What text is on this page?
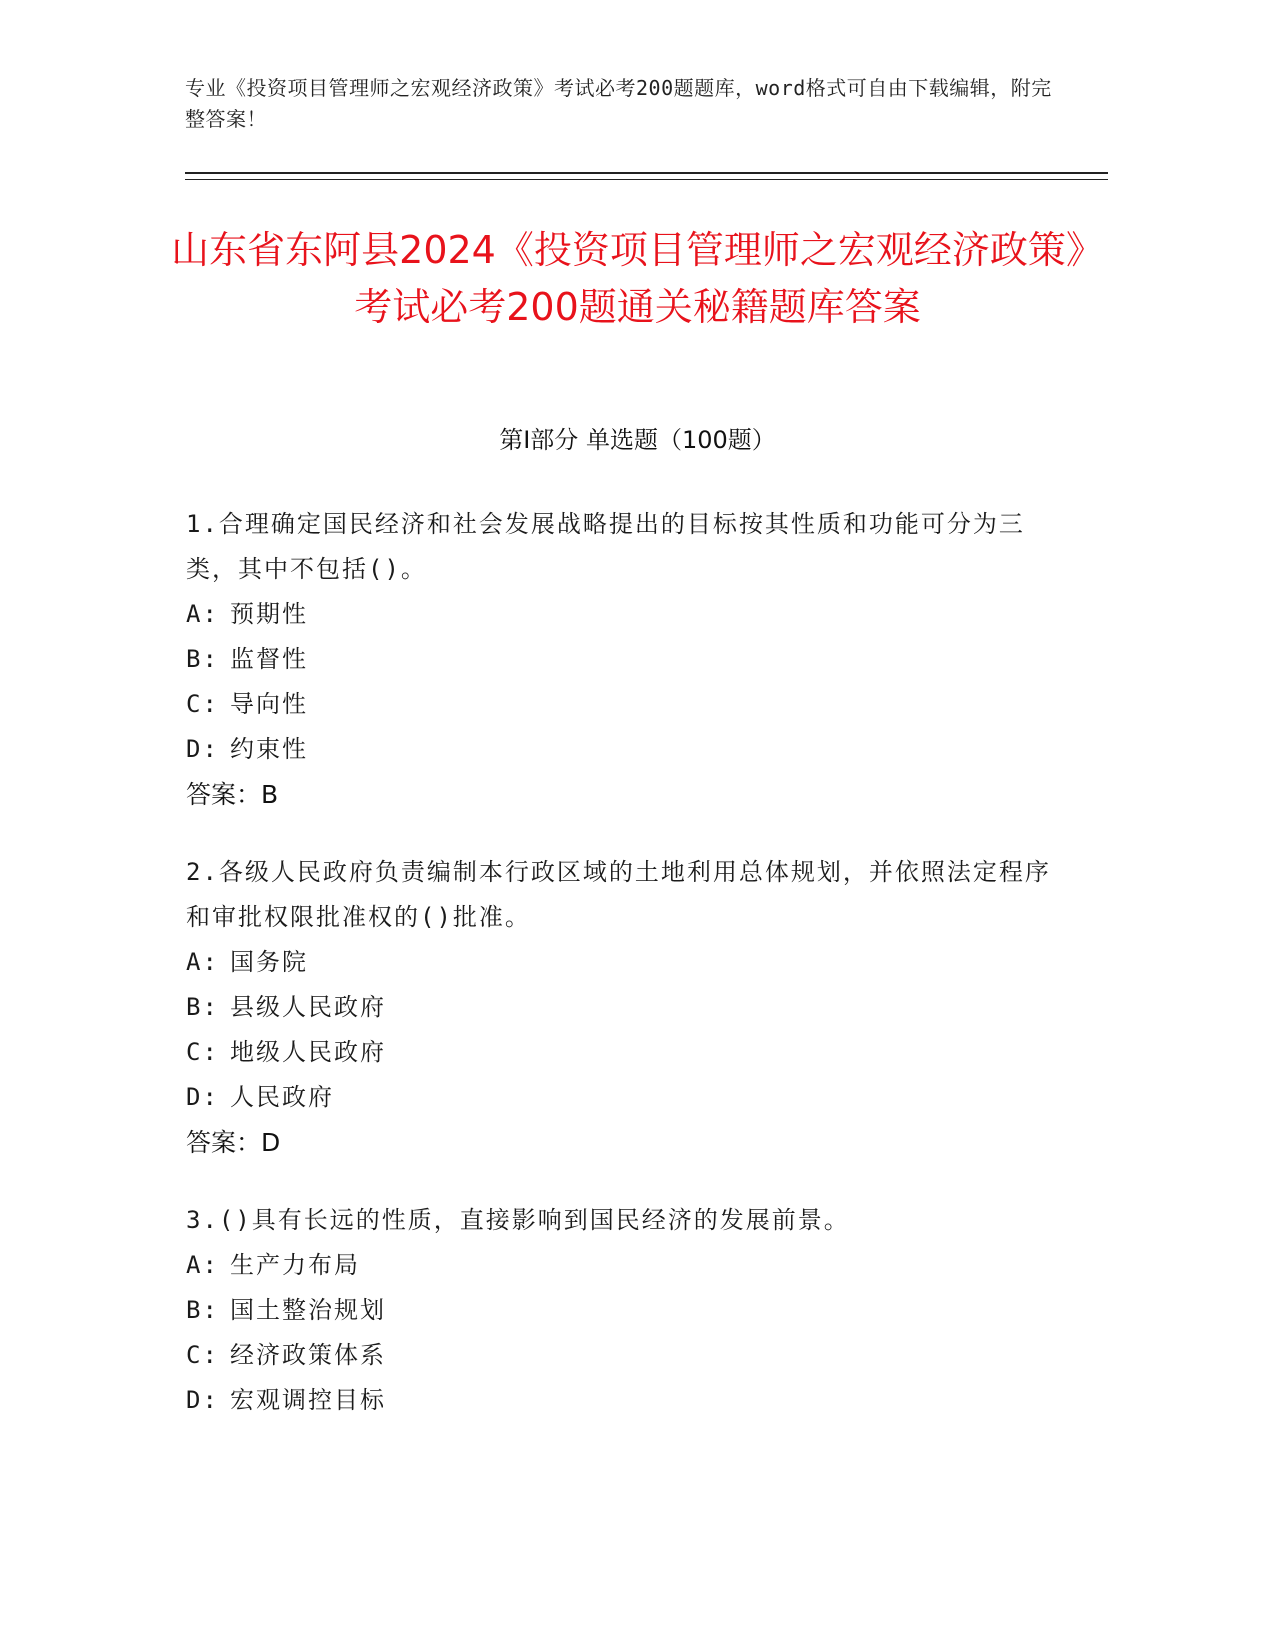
专业《投资项目管理师之宏观经济政策》考试必考200题题库，word格式可自由下载编辑，附完整答案！
山东省东阿县2024《投资项目管理师之宏观经济政策》考试必考200题通关秘籍题库答案
第Ⅰ部分 单选题（100题）
1.合理确定国民经济和社会发展战略提出的目标按其性质和功能可分为三类，其中不包括()。
A: 预期性
B: 监督性
C: 导向性
D: 约束性
答案：B
2.各级人民政府负责编制本行政区域的土地利用总体规划，并依照法定程序和审批权限批准权的()批准。
A: 国务院
B: 县级人民政府
C: 地级人民政府
D: 人民政府
答案：D
3.()具有长远的性质，直接影响到国民经济的发展前景。
A: 生产力布局
B: 国土整治规划
C: 经济政策体系
D: 宏观调控目标
